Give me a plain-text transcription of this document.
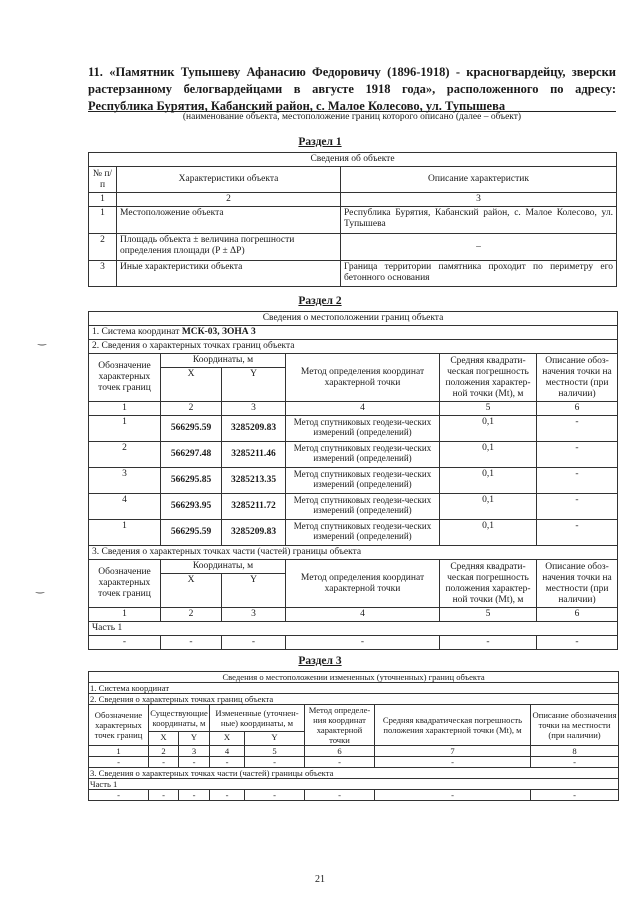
11. «Памятник Тупышеву Афанасию Федоровичу (1896-1918) - красногвардейцу, зверски растерзанному белогвардейцами в августе 1918 года», расположенного по адресу: Республика Бурятия, Кабанский район, с. Малое Колесово, ул. Тупышева
(наименование объекта, местоположение границ которого описано (далее – объект)
Раздел 1
Сведения об объекте		
№ п/п	Характеристики объекта	Описание характеристик
1	2	3
1	Местоположение объекта	Республика Бурятия, Кабанский район, с. Малое Колесово, ул. Тупышева
2	Площадь объекта ± величина погрешности определения площади (P ± ΔP)	–
3	Иные характеристики объекта	Граница территории памятника проходит по периметру его бетонного основания
Раздел 2
Сведения о местоположении границ объекта					
1. Система координат МСК-03, ЗОНА 3					
2. Сведения о характерных точках границ объекта					
Обозначение характерных точек границ	Координаты, м		Метод определения координат характерной точки	Средняя квадрати-ческая погрешность положения характер-ной точки (Mt), м	Описание обоз-начения точки на местности (при наличии)
	X	Y			
1	2	3	4	5	6
1	566295.59	3285209.83	Метод спутниковых геодези-ческих измерений (определений)	0,1	-
2	566297.48	3285211.46	Метод спутниковых геодези-ческих измерений (определений)	0,1	-
3	566295.85	3285213.35	Метод спутниковых геодези-ческих измерений (определений)	0,1	-
4	566293.95	3285211.72	Метод спутниковых геодези-ческих измерений (определений)	0,1	-
1	566295.59	3285209.83	Метод спутниковых геодези-ческих измерений (определений)	0,1	-
3. Сведения о характерных точках части (частей) границы объекта					
Обозначение характерных точек границ	Координаты, м		Метод определения координат характерной точки	Средняя квадрати-ческая погрешность положения характер-ной точки (Mt), м	Описание обоз-начения точки на местности (при наличии)
	X	Y			
1	2	3	4	5	6
Часть 1					
-	-	-	-	-	-
Раздел 3
Сведения о местоположении измененных (уточненных) границ объекта							
1. Система координат							
2. Сведения о характерных точках границ объекта							
Обозначение характерных точек границ	Существующие координаты, м		Измененные (уточнен-ные) координаты, м		Метод определе-ния координат характерной точки	Средняя квадратическая погрешность положения характерной точки (Mt), м	Описание обозначения точки на местности (при наличии)
	X	Y	X	Y			
1	2	3	4	5	6	7	8
-	-	-	-	-	-	-	-
3. Сведения о характерных точках части (частей) границы объекта							
Часть 1							
-	-	-	-	-	-	-	-
‿
‿
21
